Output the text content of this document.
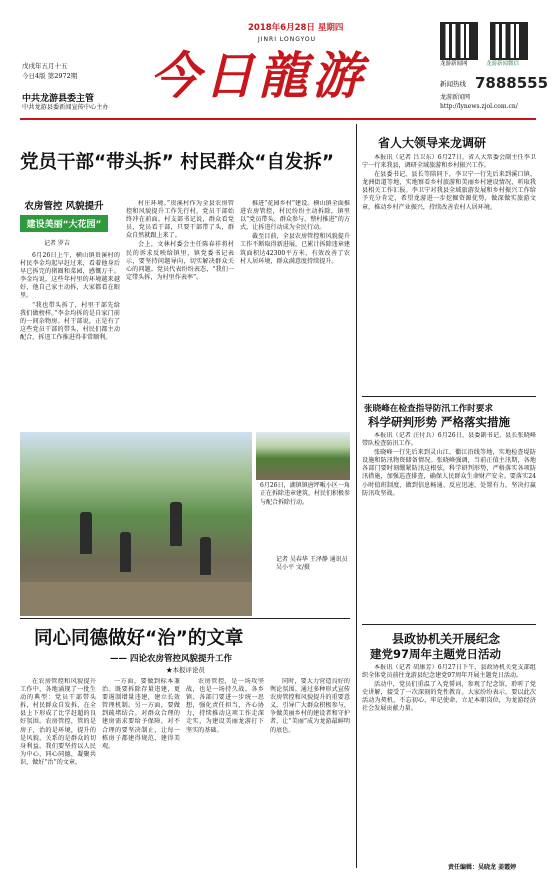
2018年6月28日 星期四
JINRI LONGYOU
今日龍游
戊戌年五月十五
今日4版 第2972期
中共龙游县委主管
中共龙游县委新闻宣传中心主办
龙游新闻网	龙游新闻微信
新闻热线 7888555
龙游新闻网
http://lynews.zjol.com.cn/
党员干部“带头拆” 村民群众“自发拆”
农房管控 风貌提升
建设美丽“大花园”
记者 罗吉

6月26日上午，横山镇贵溪村的村民李金均起早赶过来，看着他身后早已拆完的猪圈和菜园，感慨万千。李金均说，这些年村里的环境越来越好，他自己家主动拆，大家都看在眼里。

“我也带头拆了，村里干部先给我们做榜样。”李金均拆的是自家门前的一间杂物房。村干部说，正是有了这些党员干部的带头，村民们都主动配合，拆违工作推进得非常顺利。

村庄环境。”贵溪村作为全县农房管控和风貌提升工作先行村，党员干部始终冲在前面。村支部书记说，群众看党员，党员看干部，只要干部带了头，群众自然就跟上来了。

会上，文林村委会主任陈春祥将村民的诉求反映给镇里，镇党委书记表示，要坚持问题导向，切实解决群众关心的问题。党员代表纷纷表态，“我们一定带头拆，为村里作表率”。

推进“花园乡村”建设。横山镇全面推进农房管控，村民纷纷主动拆除，镇里以“党员带头、群众参与、整村推进”的方式，让拆违行动成为全民行动。

截至目前，全县农房管控和风貌提升工作不断取得新进展，已累计拆除违章建筑面积达42300平方米，有效改善了农村人居环境，群众满意度持续提升。

6月26日，湖镇镇唐坪畈小区一角正在拆除违章建筑，村民们积极参与配合拆除行动。
记者 吴春华 王泽静 通讯员 吴小平 文/摄
同心同德做好“治”的文章
—— 四论农房管控风貌提升工作
★本报评论员

在农房管控和风貌提升工作中，各地涌现了一批生动的典型：党员干部带头拆，村民群众自发拆，在全县上下形成了比学赶超的良好氛围。农房管控，管的是房子，治的是环境，提升的是风貌，关系的是群众的切身利益。我们要坚持以人民为中心，同心同德，凝聚共识，做好“治”的文章。

一方面，要做到标本兼治。既要拆除存量违建，更要遏制增量违建，建立长效管理机制。另一方面，要做到疏堵结合。对群众合理的建房需求要给予保障，对不合理的要坚决制止，让每一栋房子都建得规范、建得美观。

农房管控，是一场攻坚战，也是一场持久战。各乡镇、各部门要进一步统一思想，强化责任担当，齐心协力，持续推动这项工作走深走实，为建设美丽龙游打下坚实的基础。

同时，要大力营造良好的舆论氛围。通过多种形式宣传农房管控和风貌提升的重要意义，引导广大群众积极参与，争做美丽乡村的建设者和守护者，让“美丽”成为龙游最鲜明的底色。

省人大领导来龙调研

本报讯（记者 吕卫东）6月27日，省人大常委会副主任李卫宁一行来我县，调研全域旅游和乡村振兴工作。

在县委书记、县长等陪同下，李卫宁一行先后来到溪口镇、龙洲街道等地，实地察看乡村旅游和美丽乡村建设情况，听取我县相关工作汇报。李卫宁对我县全域旅游发展和乡村振兴工作给予充分肯定，希望龙游进一步挖掘资源优势，做深做实旅游文章，推动乡村产业振兴，持续改善农村人居环境。

张晓峰在检查指导防汛工作时要求
科学研判形势 严格落实措施

本报讯（记者 汪付兵）6月26日，县委副书记、县长张晓峰带队检查防汛工作。

张晓峰一行先后来到灵山江、衢江沿线等地，实地检查堤防设施和防汛物资储备情况。张晓峰强调，当前正值主汛期，各地各部门要时刻绷紧防汛这根弦，科学研判形势，严格落实各项防汛措施，加强巡查排查，确保人民群众生命财产安全。要落实24小时值班制度，做到信息畅通、反应迅速、处置有力，坚决打赢防汛攻坚战。

县政协机关开展纪念
建党97周年主题党日活动

本报讯（记者 胡康芳）6月27日下午，县政协机关党支部组织全体党员前往龙游县纪念建党97周年开展主题党日活动。

活动中，党员们重温了入党誓词，参观了纪念馆，聆听了党史讲解，接受了一次深刻的党性教育。大家纷纷表示，要以此次活动为契机，不忘初心、牢记使命，立足本职岗位，为龙游经济社会发展贡献力量。

责任编辑：吴晓龙 姜霞婷
